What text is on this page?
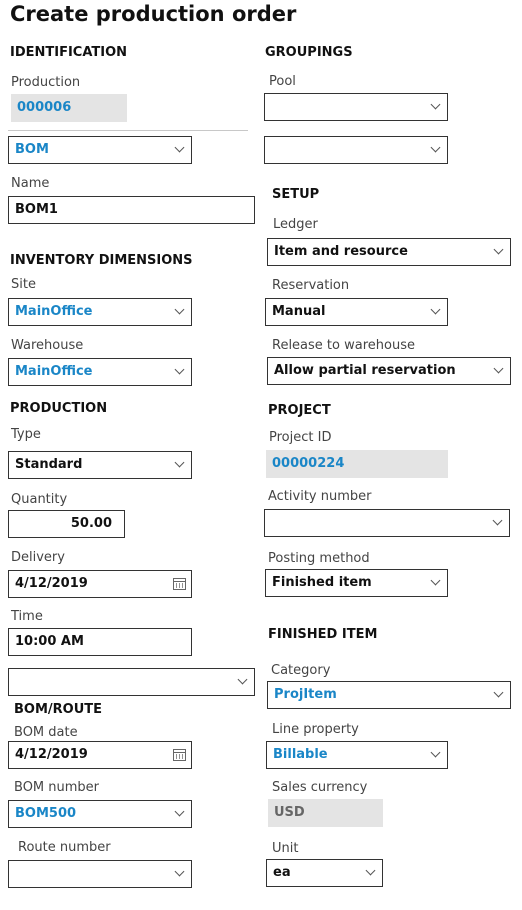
Create production order
IDENTIFICATION
Production
000006
BOM
Name
BOM1
INVENTORY DIMENSIONS
Site
MainOffice
Warehouse
MainOffice
PRODUCTION
Type
Standard
Quantity
50.00
Delivery
4/12/2019
Time
10:00 AM
BOM/ROUTE
BOM date
4/12/2019
BOM number
BOM500
Route number
GROUPINGS
Pool
SETUP
Ledger
Item and resource
Reservation
Manual
Release to warehouse
Allow partial reservation
PROJECT
Project ID
00000224
Activity number
Posting method
Finished item
FINISHED ITEM
Category
ProjItem
Line property
Billable
Sales currency
USD
Unit
ea
